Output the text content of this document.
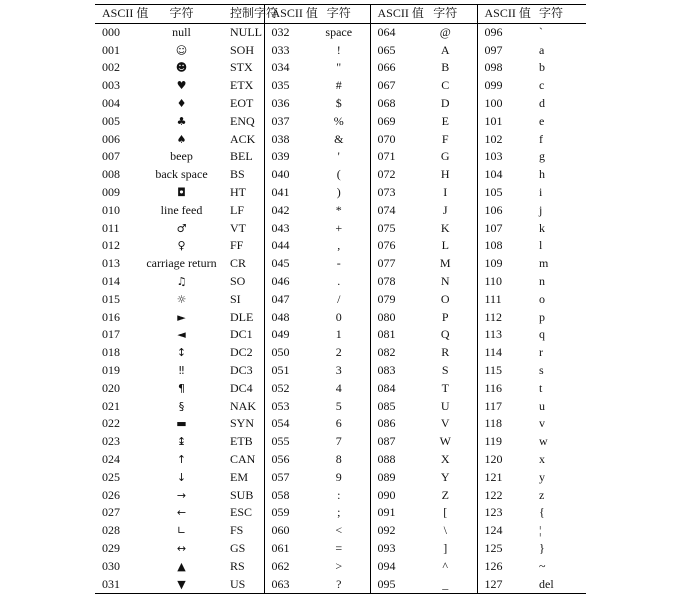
ASCII 值	字符	控制字符	ASCII 值	字符	ASCII 值	字符	ASCII 值	字符
000	null	NULL	032	space	064	@	096	`
001	☺	SOH	033	!	065	A	097	a
002	☻	STX	034	"	066	B	098	b
003	♥	ETX	035	#	067	C	099	c
004	♦	EOT	036	$	068	D	100	d
005	♣	ENQ	037	%	069	E	101	e
006	♠	ACK	038	&	070	F	102	f
007	beep	BEL	039	'	071	G	103	g
008	back space	BS	040	(	072	H	104	h
009	◘	HT	041	)	073	I	105	i
010	line feed	LF	042	*	074	J	106	j
011	♂	VT	043	+	075	K	107	k
012	♀	FF	044	,	076	L	108	l
013	carriage return	CR	045	-	077	M	109	m
014	♫	SO	046	.	078	N	110	n
015	☼	SI	047	/	079	O	111	o
016	►	DLE	048	0	080	P	112	p
017	◄	DC1	049	1	081	Q	113	q
018	↕	DC2	050	2	082	R	114	r
019	‼	DC3	051	3	083	S	115	s
020	¶	DC4	052	4	084	T	116	t
021	§	NAK	053	5	085	U	117	u
022	▬	SYN	054	6	086	V	118	v
023	↨	ETB	055	7	087	W	119	w
024	↑	CAN	056	8	088	X	120	x
025	↓	EM	057	9	089	Y	121	y
026	→	SUB	058	:	090	Z	122	z
027	←	ESC	059	;	091	[	123	{
028	∟	FS	060	<	092	\	124	¦
029	↔	GS	061	=	093	]	125	}
030	▲	RS	062	>	094	^	126	~
031	▼	US	063	?	095	_	127	del
